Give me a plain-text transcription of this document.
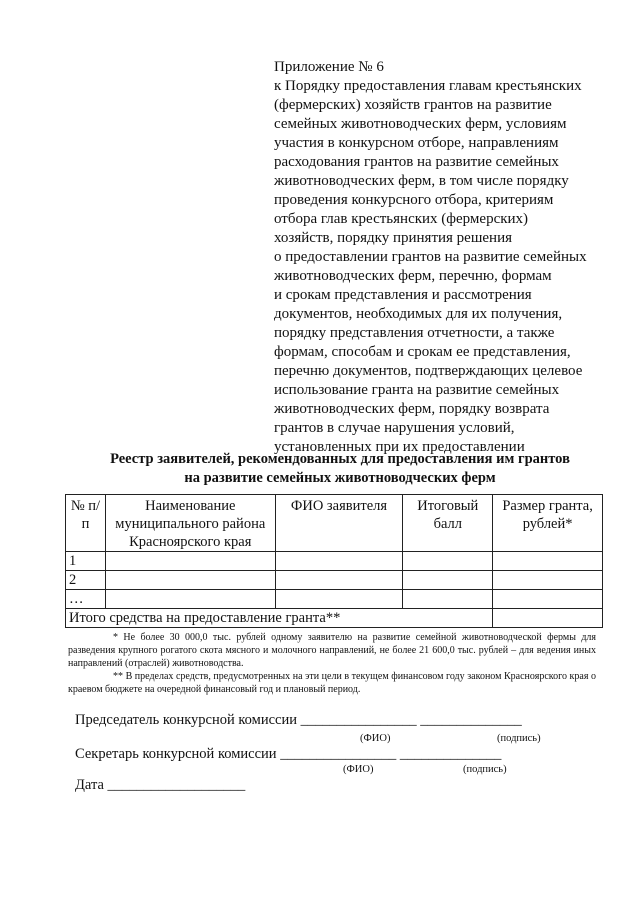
Приложение № 6
к Порядку предоставления главам крестьянских
(фермерских) хозяйств грантов на развитие
семейных животноводческих ферм, условиям
участия в конкурсном отборе, направлениям
расходования грантов на развитие семейных
животноводческих ферм, в том числе порядку
проведения конкурсного отбора, критериям
отбора глав крестьянских (фермерских)
хозяйств, порядку принятия решения
о предоставлении грантов на развитие семейных
животноводческих ферм, перечню, формам
и срокам представления и рассмотрения
документов, необходимых для их получения,
порядку представления отчетности, а также
формам, способам и срокам ее представления,
перечню документов, подтверждающих целевое
использование гранта на развитие семейных
животноводческих ферм, порядку возврата
грантов в случае нарушения условий,
установленных при их предоставлении
Реестр заявителей, рекомендованных для предоставления им грантов
на развитие семейных животноводческих ферм
№ п/п	Наименование муниципального района Красноярского края	ФИО заявителя	Итоговый балл	Размер гранта, рублей*
1				
2				
…				
Итого средства на предоставление гранта**				

* Не более 30 000,0 тыс. рублей одному заявителю на развитие семейной животноводческой фермы для разведения крупного рогатого скота мясного и молочного направлений, не более 21 600,0 тыс. рублей – для ведения иных направлений (отраслей) животноводства.

** В пределах средств, предусмотренных на эти цели в текущем финансовом году законом Красноярского края о краевом бюджете на очередной финансовый год и плановый период.

Председатель конкурсной комиссии ________________ ______________
(ФИО)	(подпись)
Секретарь конкурсной комиссии ________________ ______________
(ФИО)	(подпись)
Дата ___________________
